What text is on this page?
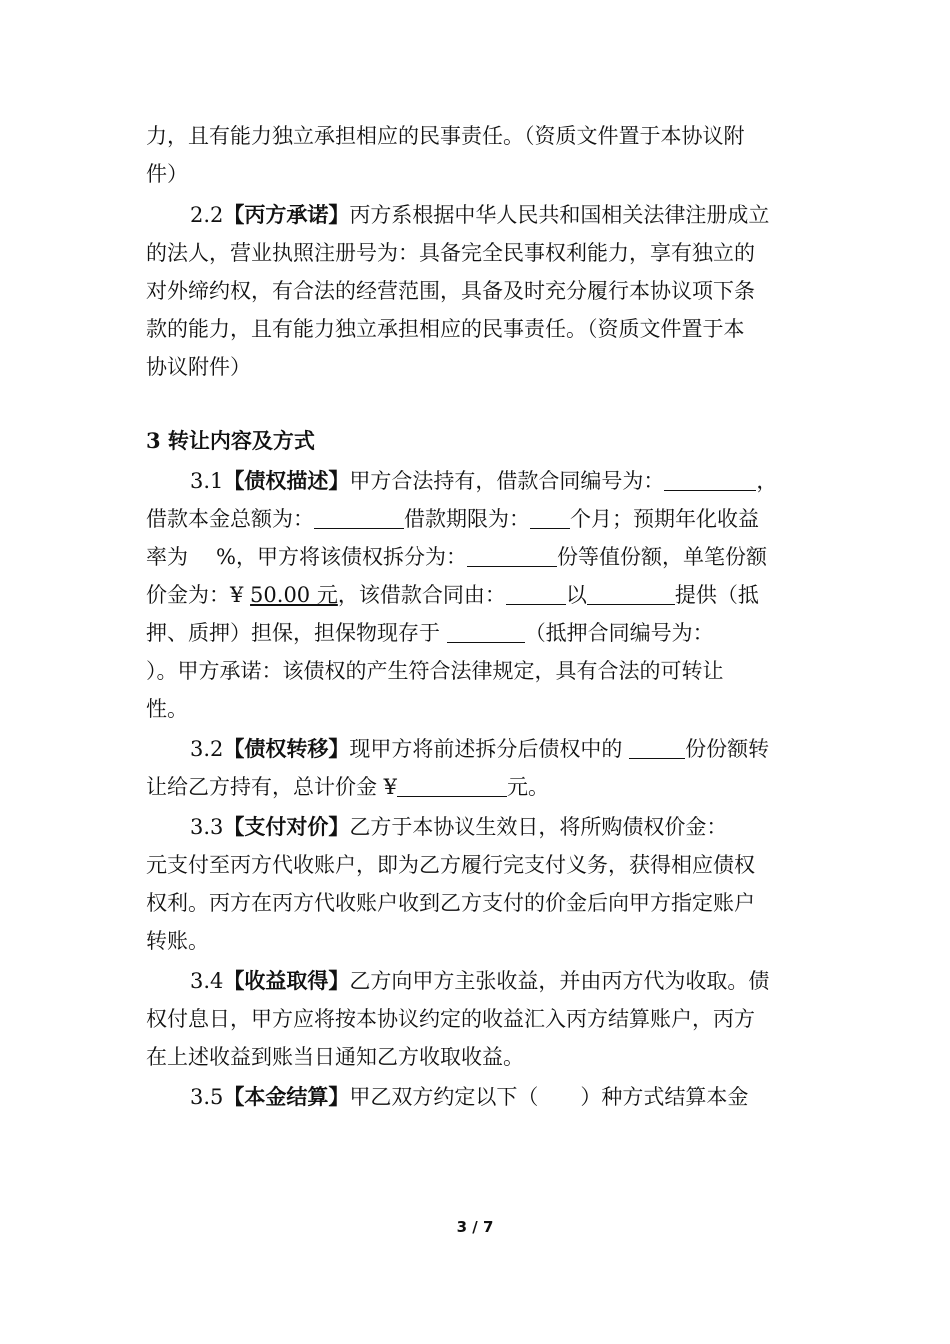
力，且有能力独立承担相应的民事责任。（资质文件置于本协议附
件）
2.2【丙方承诺】丙方系根据中华人民共和国相关法律注册成立
的法人，营业执照注册号为：具备完全民事权利能力，享有独立的
对外缔约权，有合法的经营范围，具备及时充分履行本协议项下条
款的能力，且有能力独立承担相应的民事责任。（资质文件置于本
协议附件）
3 转让内容及方式
3.1【债权描述】甲方合法持有，借款合同编号为：	，
借款本金总额为：	借款期限为： 个月；预期年化收益
率为 %，甲方将该债权拆分为：	份等值份额，单笔份额
价金为：¥ 50.00 元，该借款合同由：	以	提供（抵
押、质押）担保，担保物现存于	（抵押合同编号为：
）。甲方承诺：该债权的产生符合法律规定，具有合法的可转让
性。
3.2【债权转移】现甲方将前述拆分后债权中的	份份额转
让给乙方持有，总计价金 ¥	元。
3.3【支付对价】乙方于本协议生效日，将所购债权价金：
元支付至丙方代收账户，即为乙方履行完支付义务，获得相应债权
权利。丙方在丙方代收账户收到乙方支付的价金后向甲方指定账户
转账。
3.4【收益取得】乙方向甲方主张收益，并由丙方代为收取。债
权付息日，甲方应将按本协议约定的收益汇入丙方结算账户，丙方
在上述收益到账当日通知乙方收取收益。
3.5【本金结算】甲乙双方约定以下（　　）种方式结算本金
3 / 7
